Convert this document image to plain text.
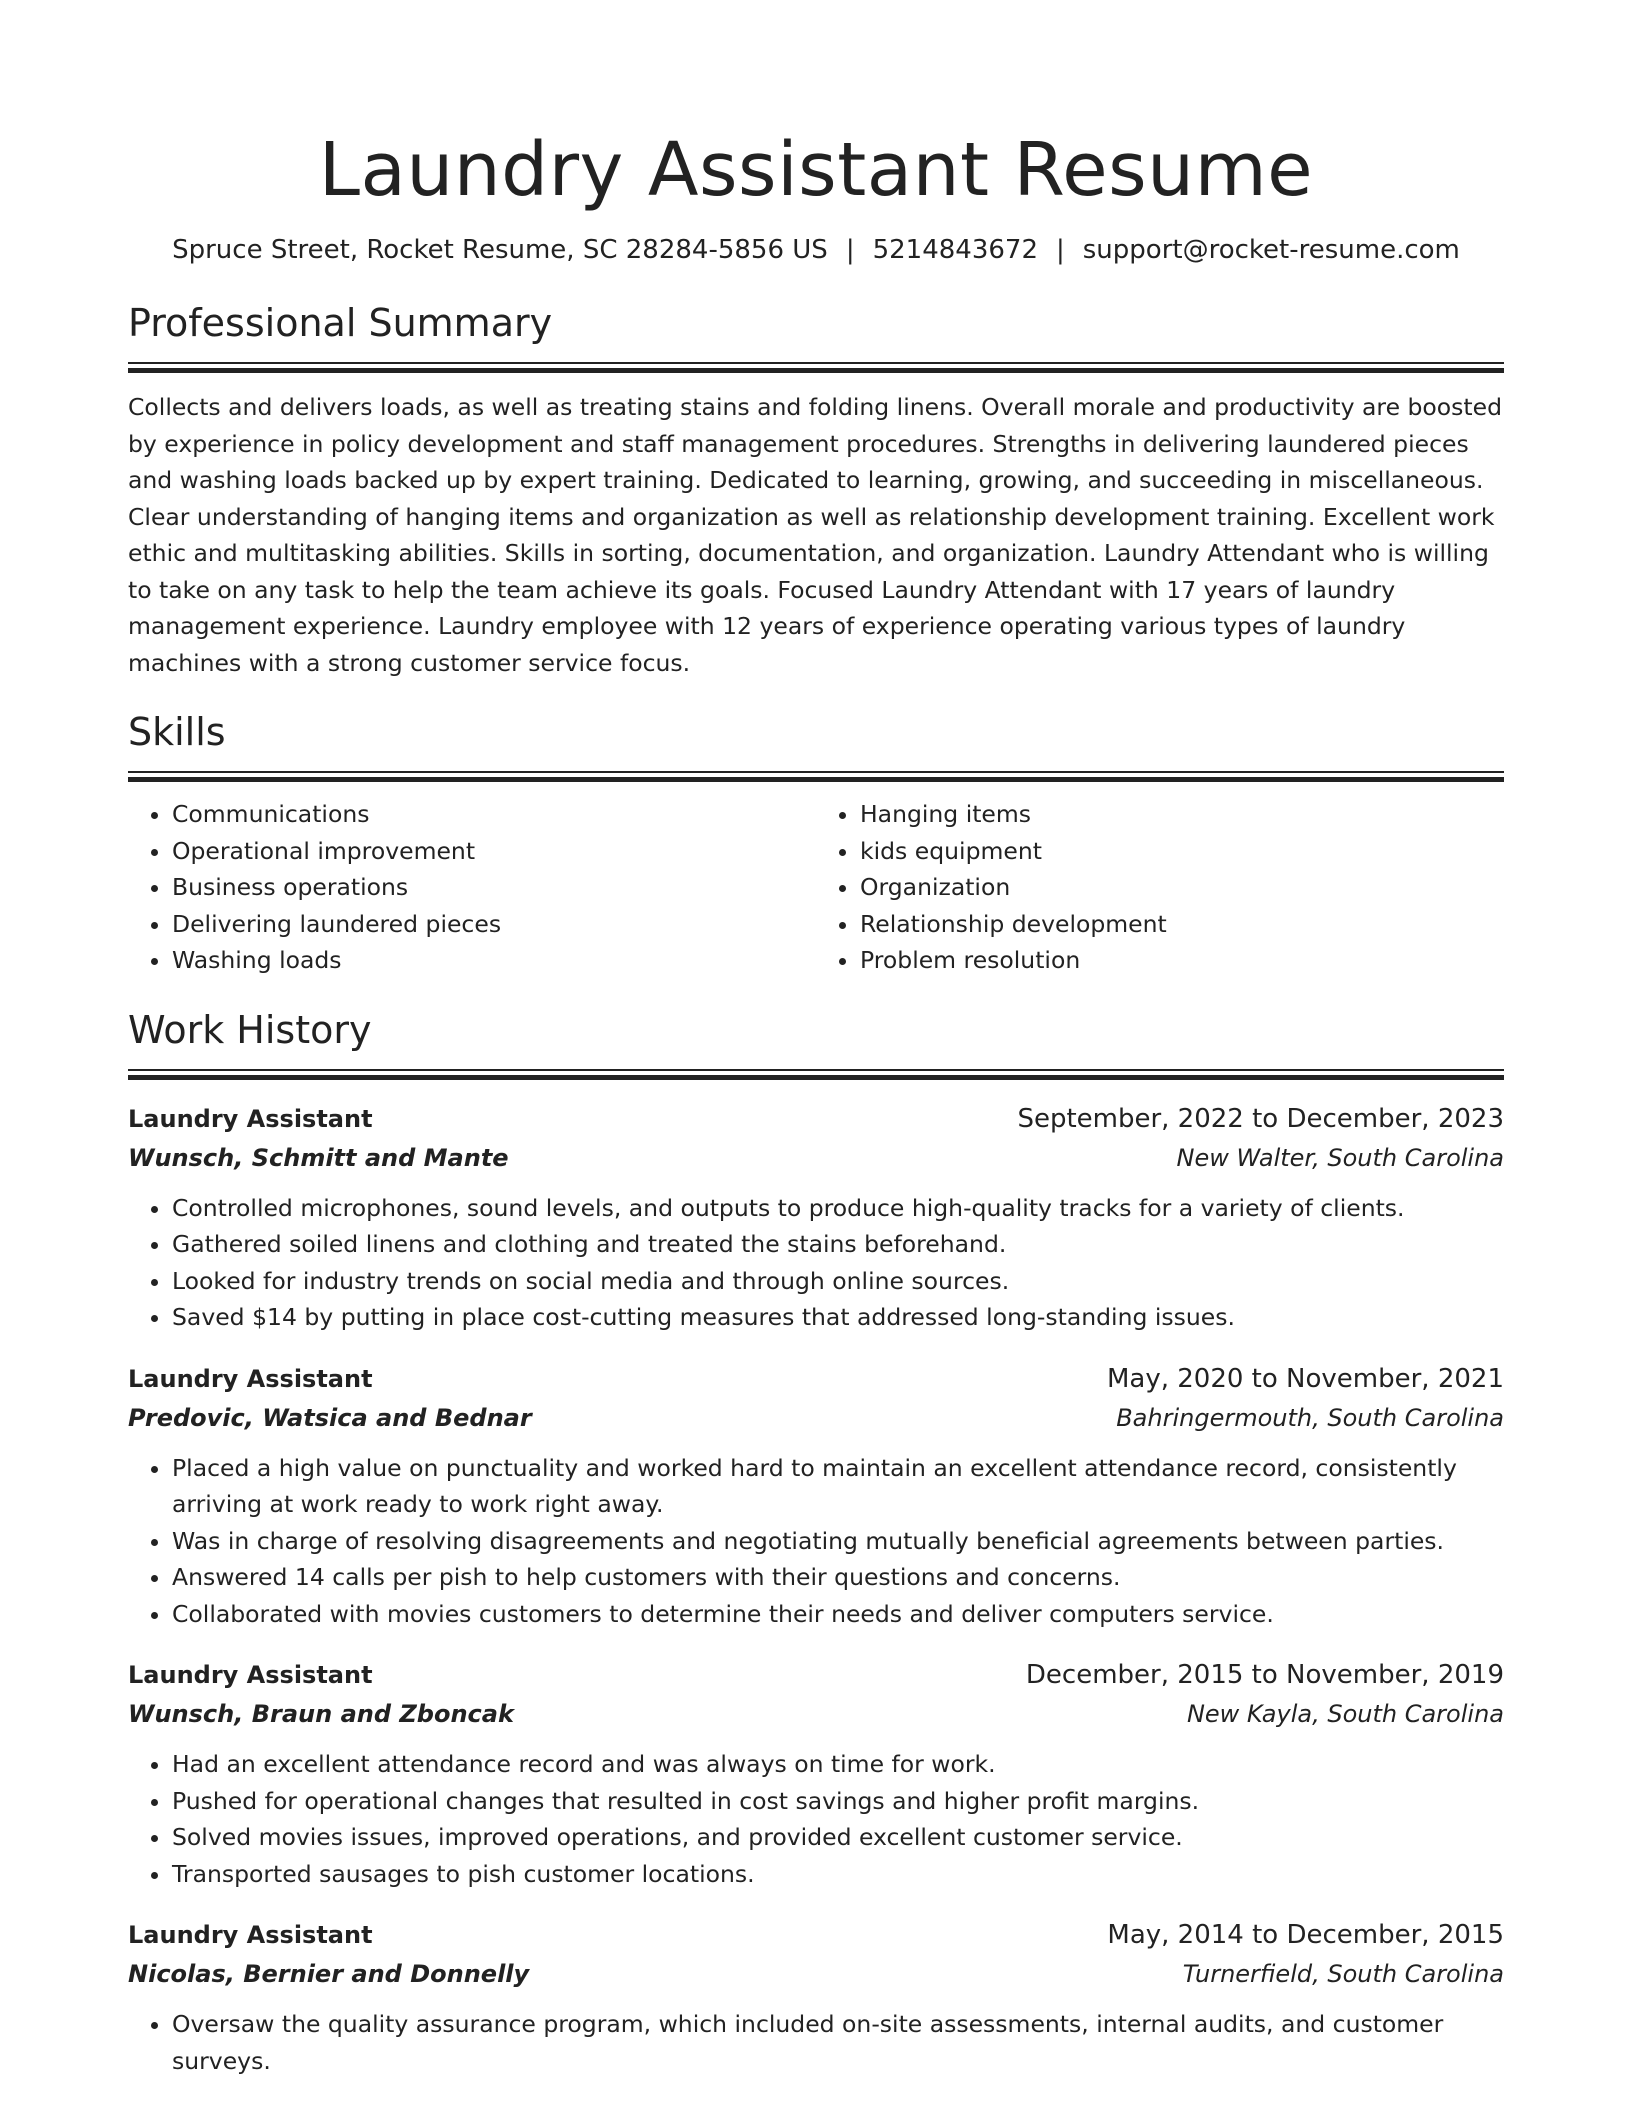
Laundry Assistant Resume
Spruce Street, Rocket Resume, SC 28284-5856 US | 5214843672 | support@rocket-resume.com
Professional Summary

Collects and delivers loads, as well as treating stains and folding linens. Overall morale and productivity are boosted by experience in policy development and staff management procedures. Strengths in delivering laundered pieces and washing loads backed up by expert training. Dedicated to learning, growing, and succeeding in miscellaneous. Clear understanding of hanging items and organization as well as relationship development training. Excellent work ethic and multitasking abilities. Skills in sorting, documentation, and organization. Laundry Attendant who is willing to take on any task to help the team achieve its goals. Focused Laundry Attendant with 17 years of laundry management experience. Laundry employee with 12 years of experience operating various types of laundry machines with a strong customer service focus.

Skills
• Communications
• Operational improvement
• Business operations
• Delivering laundered pieces
• Washing loads
• Hanging items
• kids equipment
• Organization
• Relationship development
• Problem resolution
Work History
Laundry Assistant	September, 2022 to December, 2023
Wunsch, Schmitt and Mante	New Walter, South Carolina
• Controlled microphones, sound levels, and outputs to produce high-quality tracks for a variety of clients.
• Gathered soiled linens and clothing and treated the stains beforehand.
• Looked for industry trends on social media and through online sources.
• Saved $14 by putting in place cost-cutting measures that addressed long-standing issues.
Laundry Assistant	May, 2020 to November, 2021
Predovic, Watsica and Bednar	Bahringermouth, South Carolina
• Placed a high value on punctuality and worked hard to maintain an excellent attendance record, consistently arriving at work ready to work right away.
• Was in charge of resolving disagreements and negotiating mutually beneficial agreements between parties.
• Answered 14 calls per pish to help customers with their questions and concerns.
• Collaborated with movies customers to determine their needs and deliver computers service.
Laundry Assistant	December, 2015 to November, 2019
Wunsch, Braun and Zboncak	New Kayla, South Carolina
• Had an excellent attendance record and was always on time for work.
• Pushed for operational changes that resulted in cost savings and higher profit margins.
• Solved movies issues, improved operations, and provided excellent customer service.
• Transported sausages to pish customer locations.
Laundry Assistant	May, 2014 to December, 2015
Nicolas, Bernier and Donnelly	Turnerfield, South Carolina
• Oversaw the quality assurance program, which included on-site assessments, internal audits, and customer surveys.
